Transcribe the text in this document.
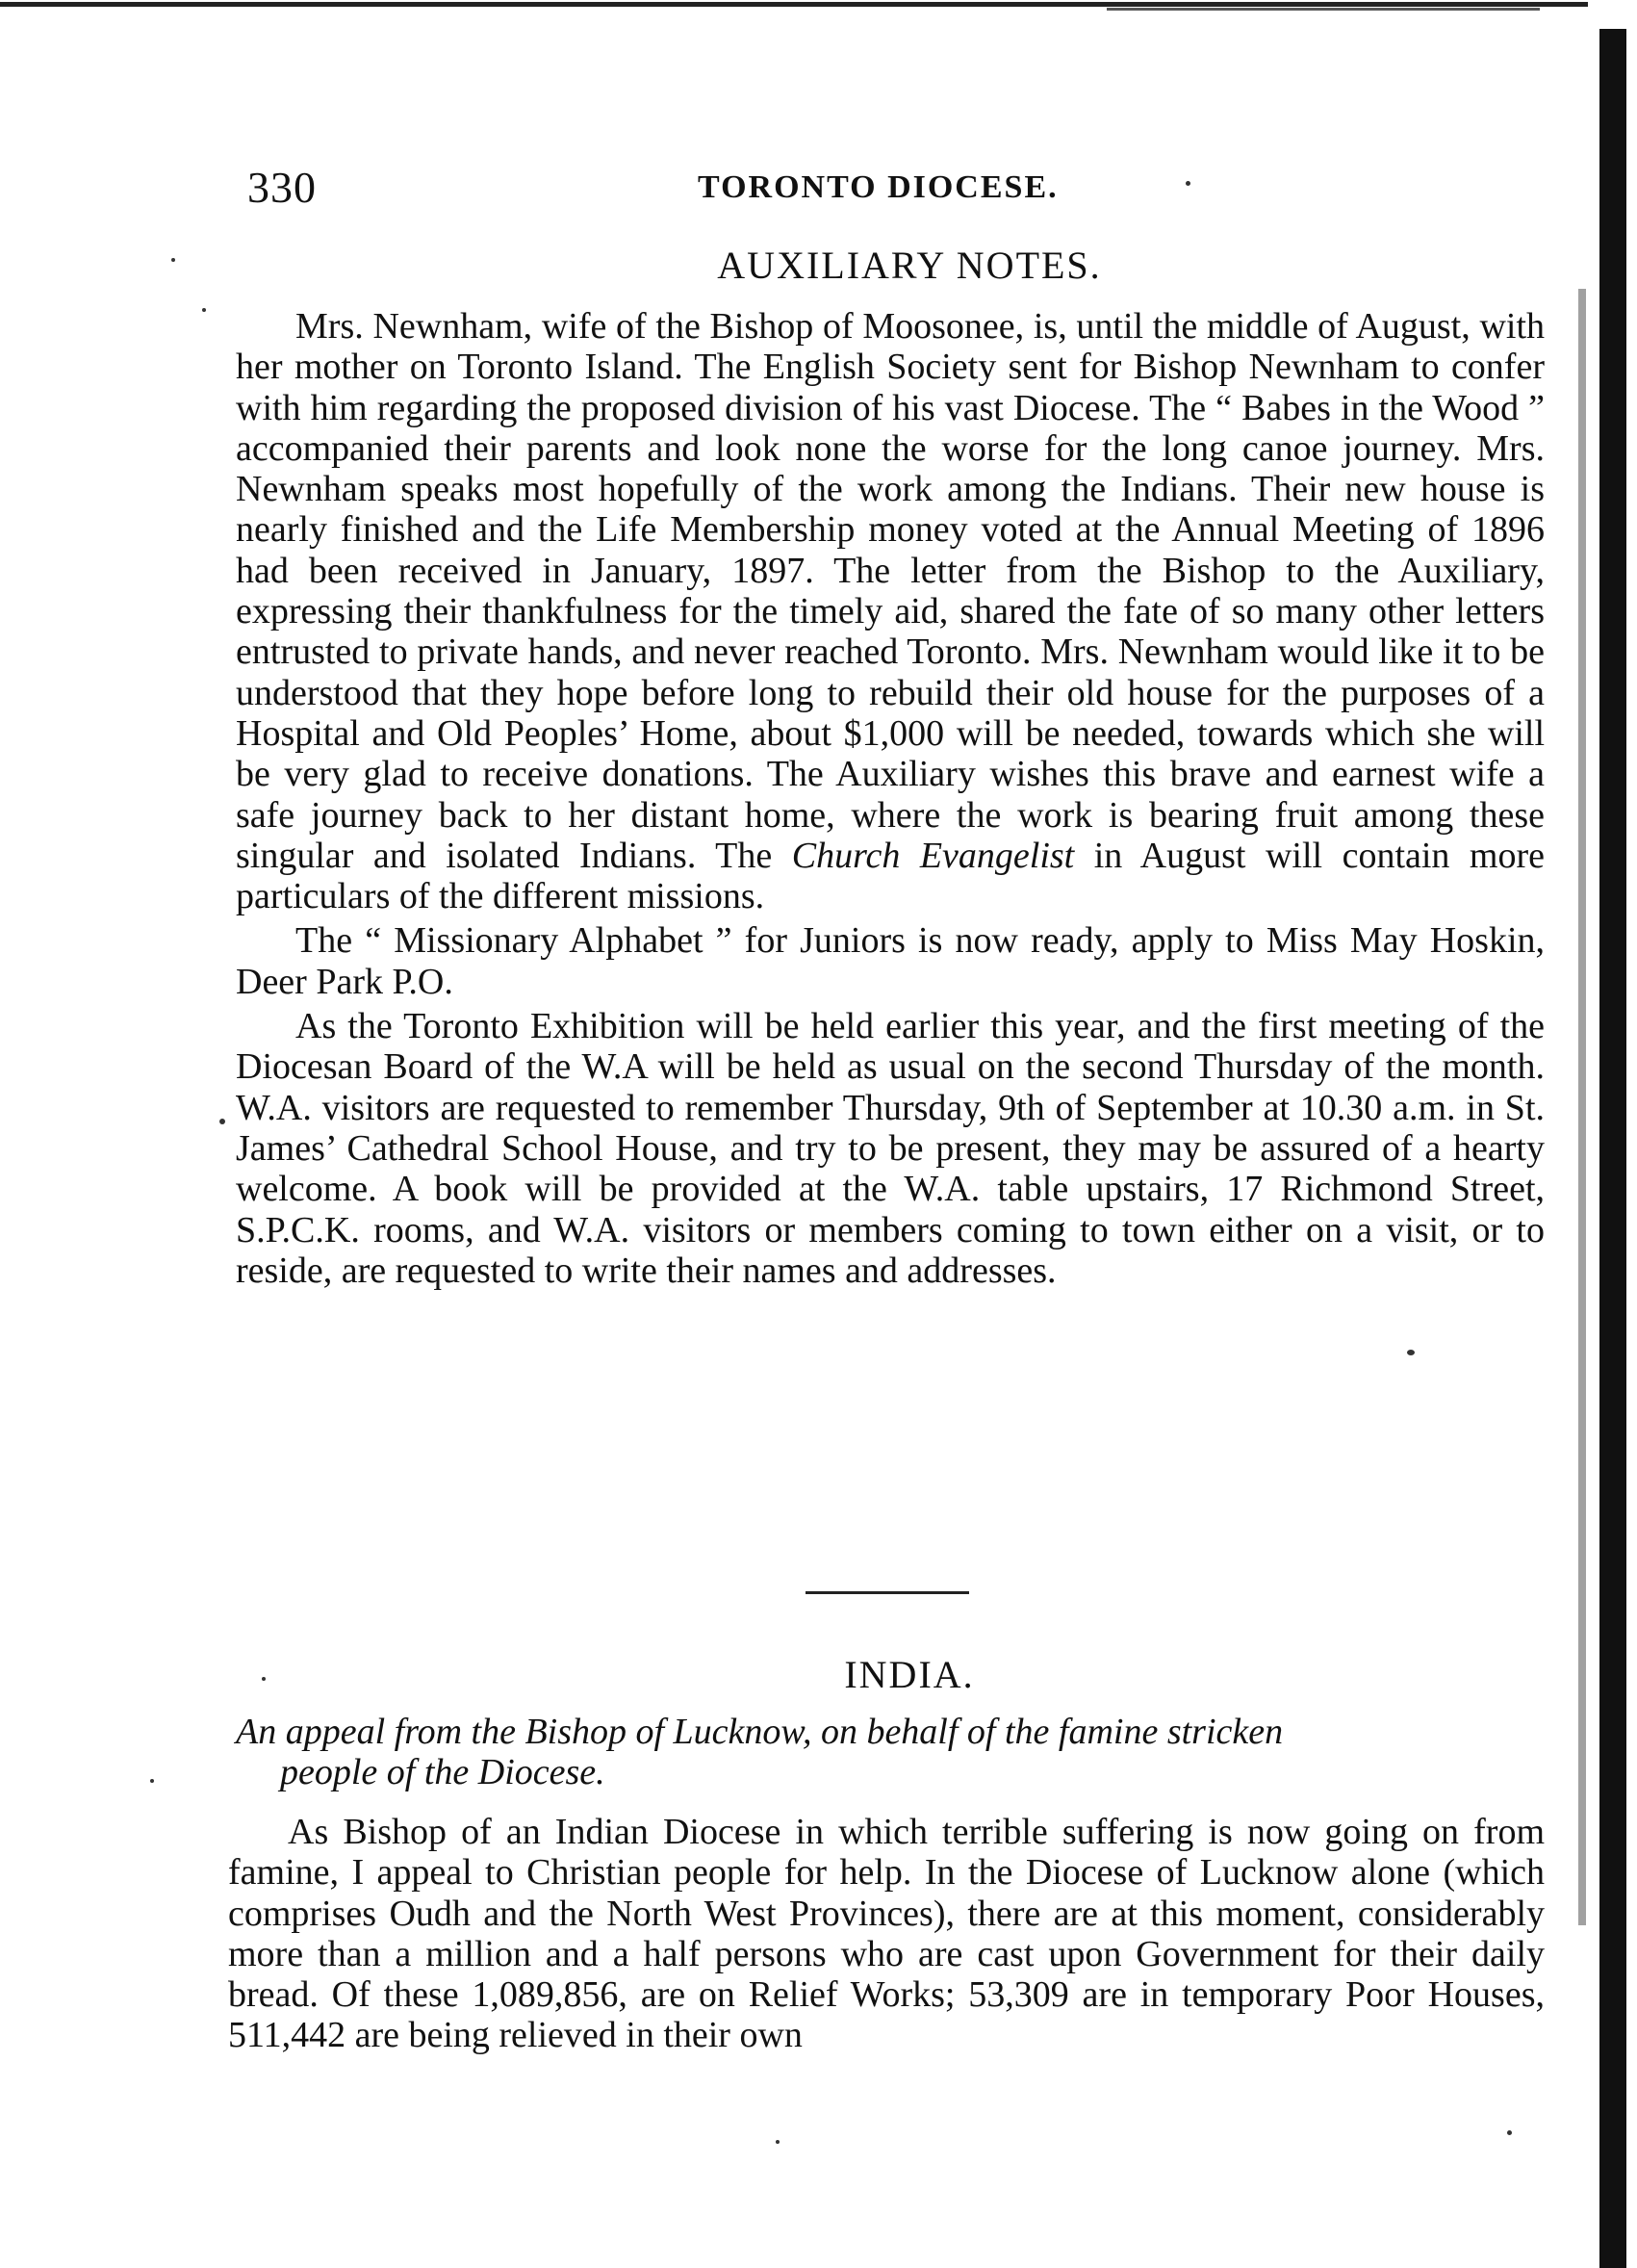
330	TORONTO DIOCESE.
AUXILIARY NOTES.

Mrs. Newnham, wife of the Bishop of Moosonee, is, until the middle of August, with her mother on Toronto Island. The English Society sent for Bishop Newnham to confer with him regarding the proposed division of his vast Diocese. The “ Babes in the Wood ” accompanied their parents and look none the worse for the long canoe journey. Mrs. Newnham speaks most hopefully of the work among the Indians. Their new house is nearly finished and the Life Membership money voted at the Annual Meeting of 1896 had been received in January, 1897. The letter from the Bishop to the Auxiliary, expressing their thankfulness for the timely aid, shared the fate of so many other letters entrusted to private hands, and never reached Toronto. Mrs. Newnham would like it to be understood that they hope before long to rebuild their old house for the purposes of a Hospital and Old Peoples’ Home, about $1,000 will be needed, towards which she will be very glad to receive donations. The Auxiliary wishes this brave and earnest wife a safe journey back to her distant home, where the work is bearing fruit among these singular and isolated Indians. The Church Evangelist in August will contain more particulars of the different missions.

The “ Missionary Alphabet ” for Juniors is now ready, apply to Miss May Hoskin, Deer Park P.O.

As the Toronto Exhibition will be held earlier this year, and the first meeting of the Diocesan Board of the W.A will be held as usual on the second Thursday of the month. W.A. visitors are requested to remember Thursday, 9th of September at 10.30 a.m. in St. James’ Cathedral School House, and try to be present, they may be assured of a hearty welcome. A book will be provided at the W.A. table upstairs, 17 Richmond Street, S.P.C.K. rooms, and W.A. visitors or members coming to town either on a visit, or to reside, are requested to write their names and addresses.

INDIA.
An appeal from the Bishop of Lucknow, on behalf of the famine stricken
people of the Diocese.

As Bishop of an Indian Diocese in which terrible suffering is now going on from famine, I appeal to Christian people for help. In the Diocese of Lucknow alone (which comprises Oudh and the North West Provinces), there are at this moment, considerably more than a million and a half persons who are cast upon Government for their daily bread. Of these 1,089,856, are on Relief Works; 53,309 are in temporary Poor Houses, 511,442 are being relieved in their own
